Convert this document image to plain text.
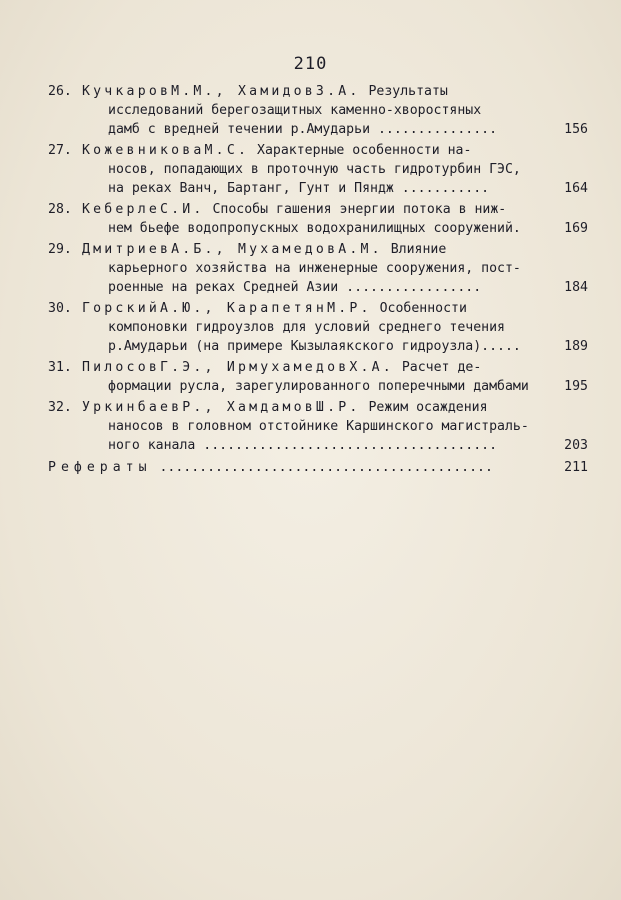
210
26. КучкаровМ.М., ХамидовЗ.А. Результаты
исследований берегозащитных каменно-хворостяных
дамб с вредней течении р.Амударьи ...............	156
27. КожевниковаМ.С. Характерные особенности на-
носов, попадающих в проточную часть гидротурбин ГЭС,
на реках Ванч, Бартанг, Гунт и Пяндж ...........	164
28. КеберлеС.И. Способы гашения энергии потока в ниж-
нем бьефе водопропускных водохранилищных сооружений.	169
29. ДмитриевА.Б., МухамедовА.М. Влияние
карьерного хозяйства на инженерные сооружения, пост-
роенные на реках Средней Азии .................	184
30. ГорскийА.Ю., КарапетянМ.Р. Особенности
компоновки гидроузлов для условий среднего течения
р.Амударьи (на примере Кызылаякского гидроузла).....	189
31. ПилосовГ.Э., ИрмухамедовХ.А. Расчет де-
формации русла, зарегулированного поперечными дамбами	195
32. УркинбаевР., ХамдамовШ.Р. Режим осаждения
наносов в головном отстойнике Каршинского магистраль-
ного канала .....................................	203
Рефераты ..........................................	211
